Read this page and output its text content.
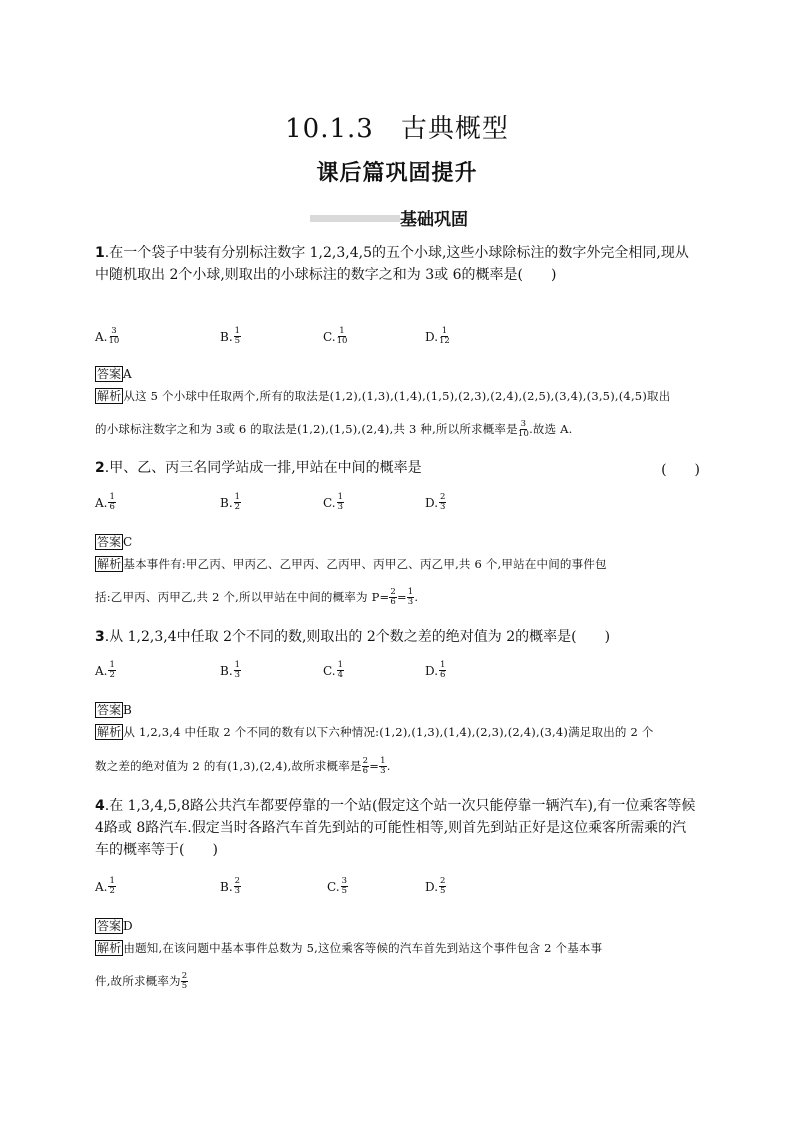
10.1.3　古典概型
课后篇巩固提升
基础巩固
1.在一个袋子中装有分别标注数字 1,2,3,4,5的五个小球,这些小球除标注的数字外完全相同,现从中随机取出 2个小球,则取出的小球标注的数字之和为 3或 6的概率是(　　)
A. $\frac{3}{10}$	B. $\frac{1}{5}$	C. $\frac{1}{10}$	D. $\frac{1}{12}$
答案 A
解析 从这 5 个小球中任取两个,所有的取法是(1,2),(1,3),(1,4),(1,5),(2,3),(2,4),(2,5),(3,4),(3,5),(4,5)取出
的小球标注数字之和为 3或 6 的取法是(1,2),(1,5),(2,4),共 3 种,所以所求概率是 $\frac{3}{10}$ .故选 A.
2.甲、乙、丙三名同学站成一排,甲站在中间的概率是	(　　)
A. $\frac{1}{6}$	B. $\frac{1}{2}$	C. $\frac{1}{3}$	D. $\frac{2}{3}$
答案 C
解析 基本事件有:甲乙丙、甲丙乙、乙甲丙、乙丙甲、丙甲乙、丙乙甲,共 6 个,甲站在中间的事件包
括:乙甲丙、丙甲乙,共 2 个,所以甲站在中间的概率为 $P= \frac{2}{6} = \frac{1}{3}$ .
3.从 1,2,3,4中任取 2个不同的数,则取出的 2个数之差的绝对值为 2的概率是(　　)
A. $\frac{1}{2}$	B. $\frac{1}{3}$	C. $\frac{1}{4}$	D. $\frac{1}{6}$
答案 B
解析 从 1,2,3,4 中任取 2 个不同的数有以下六种情况:(1,2),(1,3),(1,4),(2,3),(2,4),(3,4)满足取出的 2 个
数之差的绝对值为 2 的有(1,3),(2,4),故所求概率是 $\frac{2}{6} = \frac{1}{3}$ .
4.在 1,3,4,5,8路公共汽车都要停靠的一个站(假定这个站一次只能停靠一辆汽车),有一位乘客等候 4路或 8路汽车.假定当时各路汽车首先到站的可能性相等,则首先到站正好是这位乘客所需乘的汽车的概率等于(　　)
A. $\frac{1}{2}$	B. $\frac{2}{3}$	C. $\frac{3}{5}$	D. $\frac{2}{5}$
答案 D
解析 由题知,在该问题中基本事件总数为 5,这位乘客等候的汽车首先到站这个事件包含 2 个基本事
件,故所求概率为 $\frac{2}{5}$
